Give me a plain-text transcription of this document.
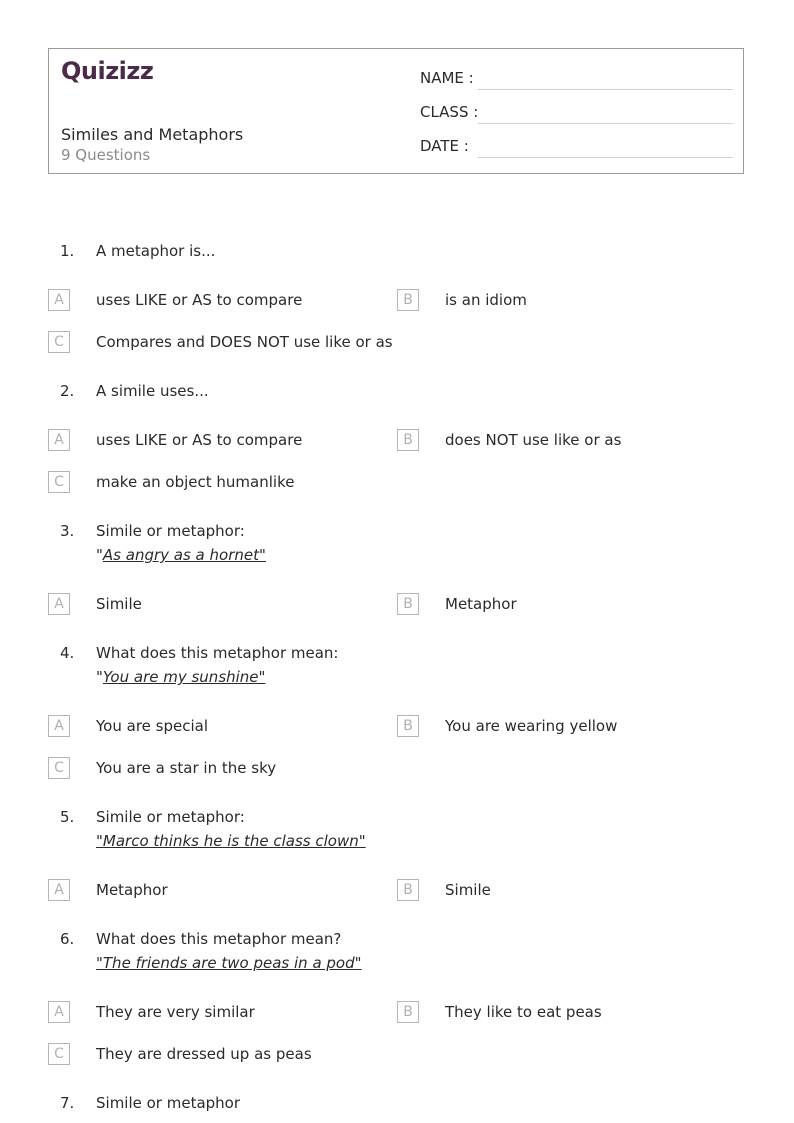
Quizizz
Similes and Metaphors
9 Questions
NAME :
CLASS :
DATE :
1. A metaphor is...
A	uses LIKE or AS to compare	B	is an idiom
C	Compares and DOES NOT use like or as
2. A simile uses...
A	uses LIKE or AS to compare	B	does NOT use like or as
C	make an object humanlike
3. Simile or metaphor:
"As angry as a hornet"
A	Simile	B	Metaphor
4. What does this metaphor mean:
"You are my sunshine"
A	You are special	B	You are wearing yellow
C	You are a star in the sky
5. Simile or metaphor:
"Marco thinks he is the class clown"
A	Metaphor	B	Simile
6. What does this metaphor mean?
"The friends are two peas in a pod"
A	They are very similar	B	They like to eat peas
C	They are dressed up as peas
7. Simile or metaphor
